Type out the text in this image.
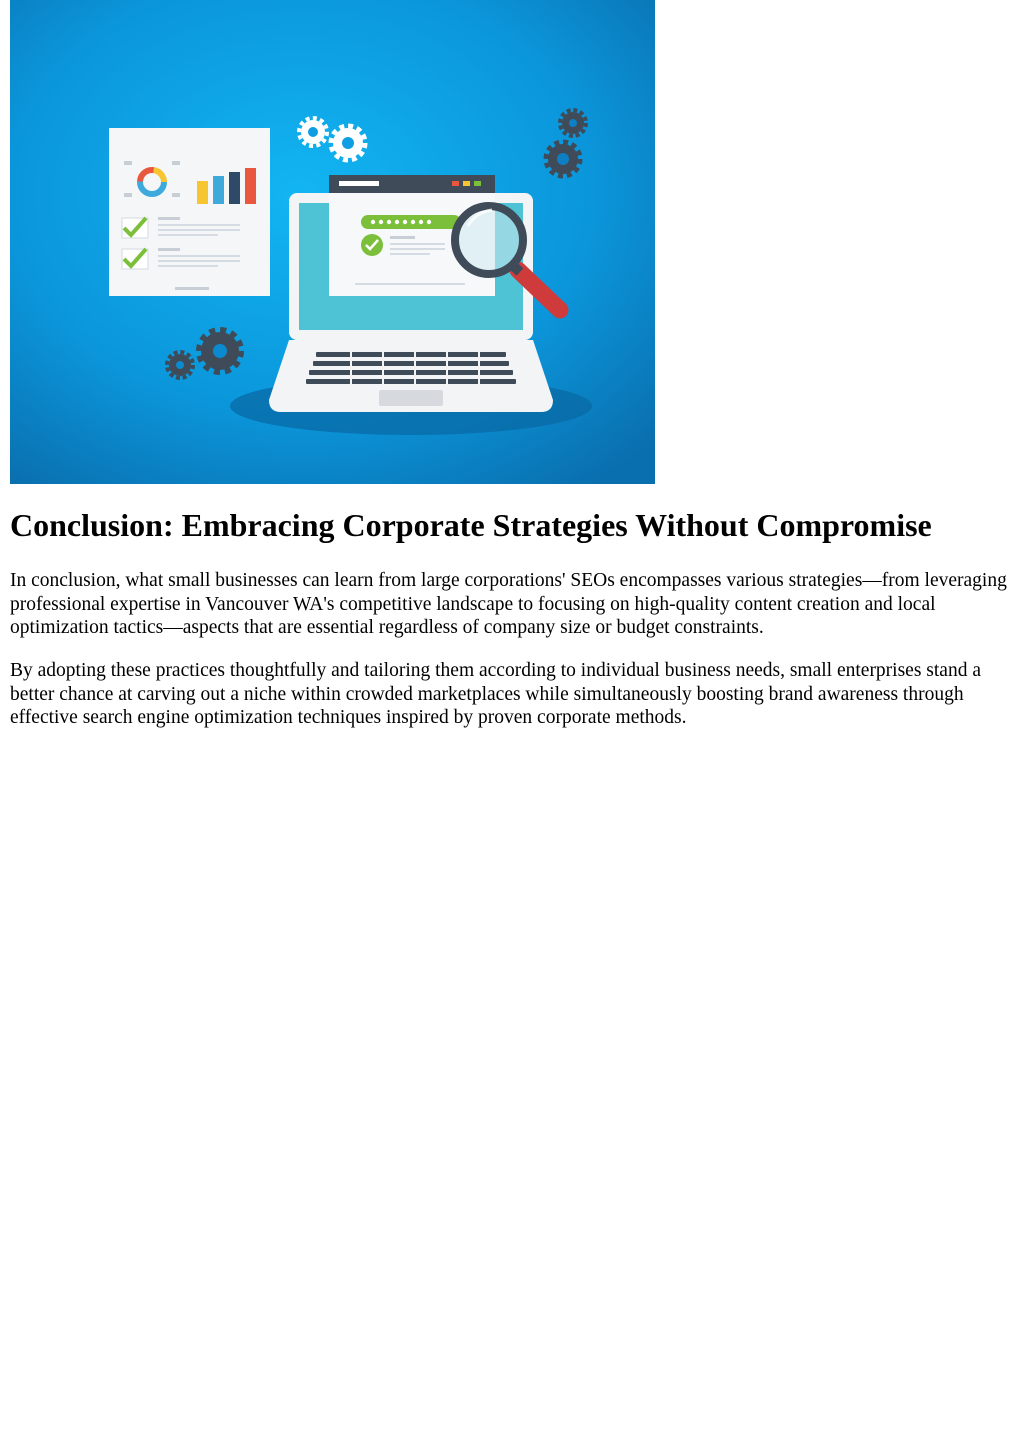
Conclusion: Embracing Corporate Strategies Without Compromise

In conclusion, what small businesses can learn from large corporations' SEOs encompasses various strategies—from leveraging professional expertise in Vancouver WA's competitive landscape to focusing on high-quality content creation and local optimization tactics—aspects that are essential regardless of company size or budget constraints.

By adopting these practices thoughtfully and tailoring them according to individual business needs, small enterprises stand a better chance at carving out a niche within crowded marketplaces while simultaneously boosting brand awareness through effective search engine optimization techniques inspired by proven corporate methods.
